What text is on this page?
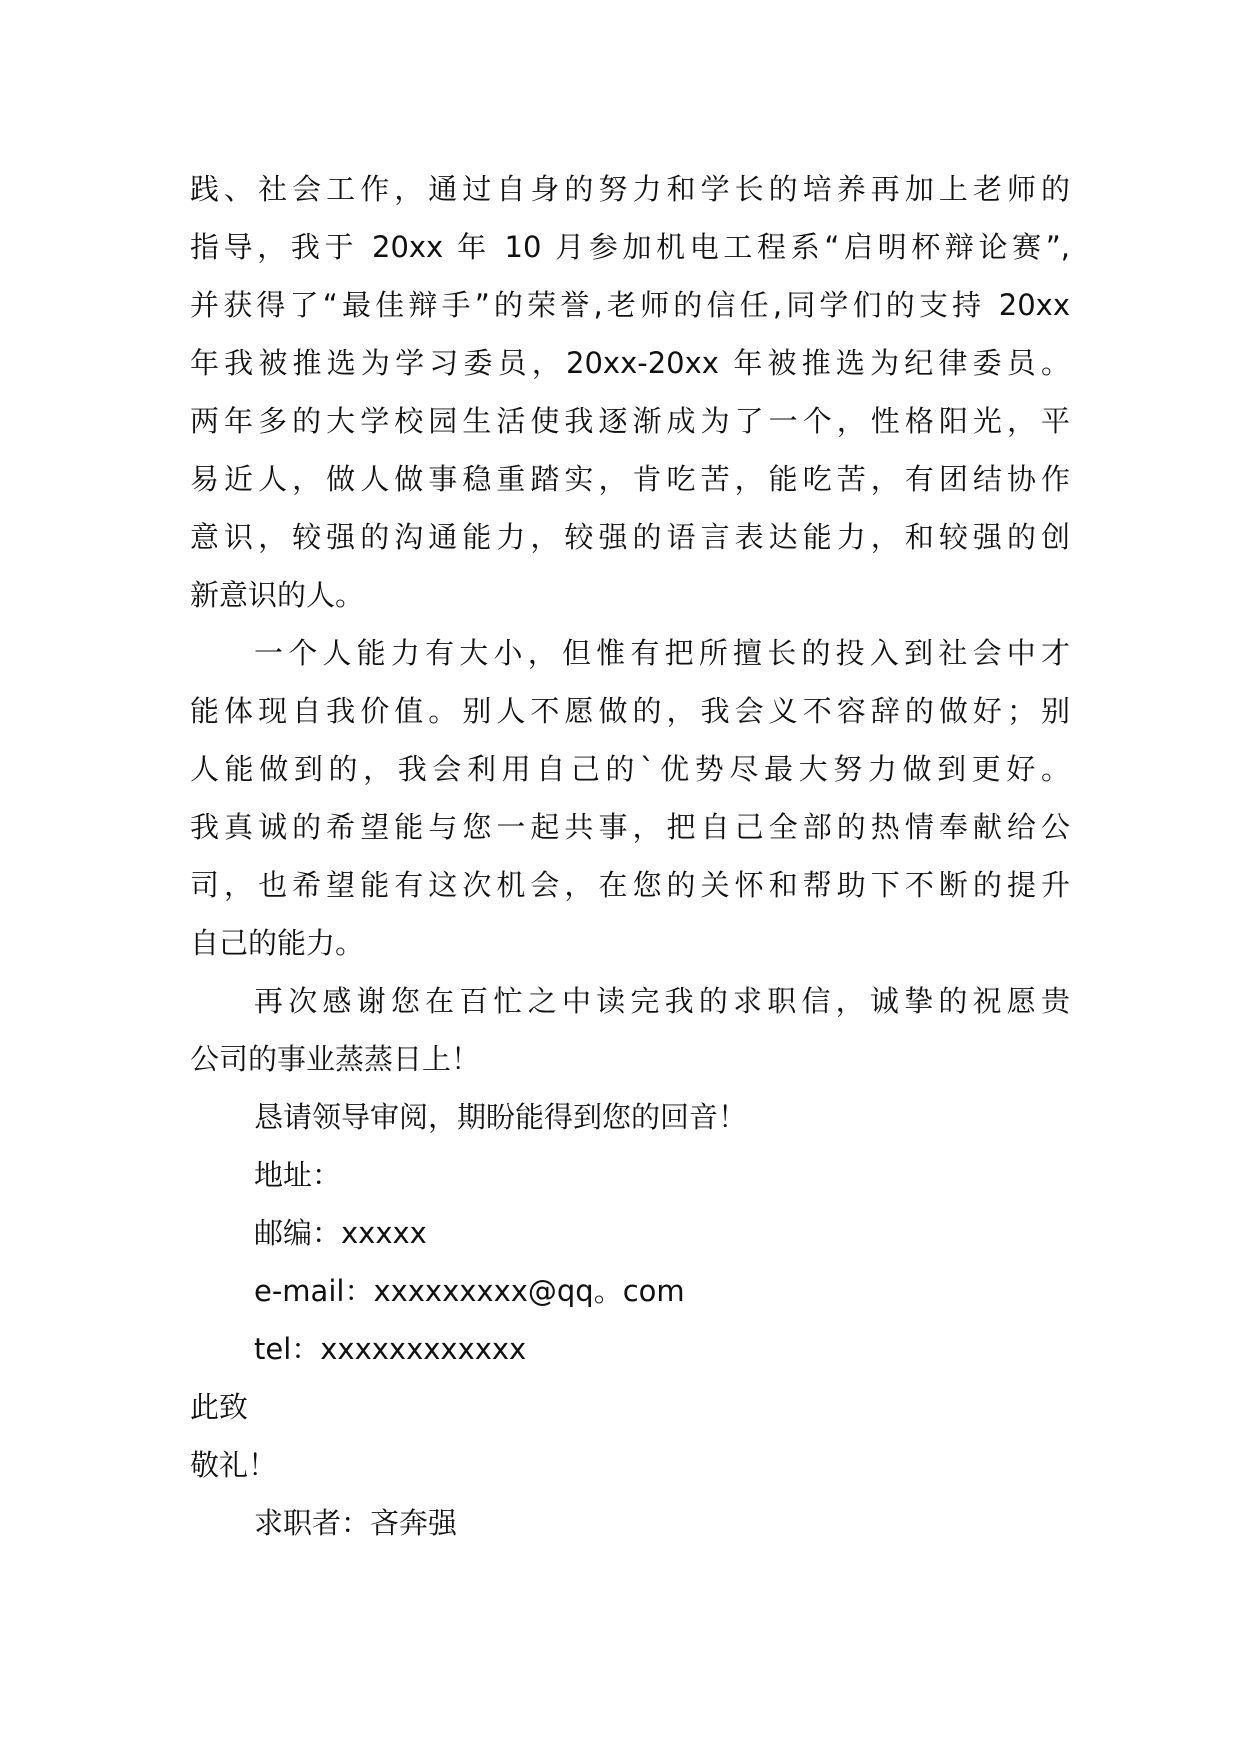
践、社会工作，通过自身的努力和学长的培养再加上老师的
指导，我于 20xx 年 10 月参加机电工程系“启明杯辩论赛”,
并获得了“最佳辩手”的荣誉,老师的信任,同学们的支持 20xx
年我被推选为学习委员，20xx-20xx 年被推选为纪律委员。
两年多的大学校园生活使我逐渐成为了一个，性格阳光，平
易近人，做人做事稳重踏实，肯吃苦，能吃苦，有团结协作
意识，较强的沟通能力，较强的语言表达能力，和较强的创
新意识的人。
一个人能力有大小，但惟有把所擅长的投入到社会中才
能体现自我价值。别人不愿做的，我会义不容辞的做好；别
人能做到的，我会利用自己的`优势尽最大努力做到更好。
我真诚的希望能与您一起共事，把自己全部的热情奉献给公
司，也希望能有这次机会，在您的关怀和帮助下不断的提升
自己的能力。
再次感谢您在百忙之中读完我的求职信，诚挚的祝愿贵
公司的事业蒸蒸日上！
恳请领导审阅，期盼能得到您的回音！
地址：
邮编：xxxxx
e-mail：xxxxxxxxx@qq。com
tel：xxxxxxxxxxxx
此致
敬礼！
求职者：吝奔强
